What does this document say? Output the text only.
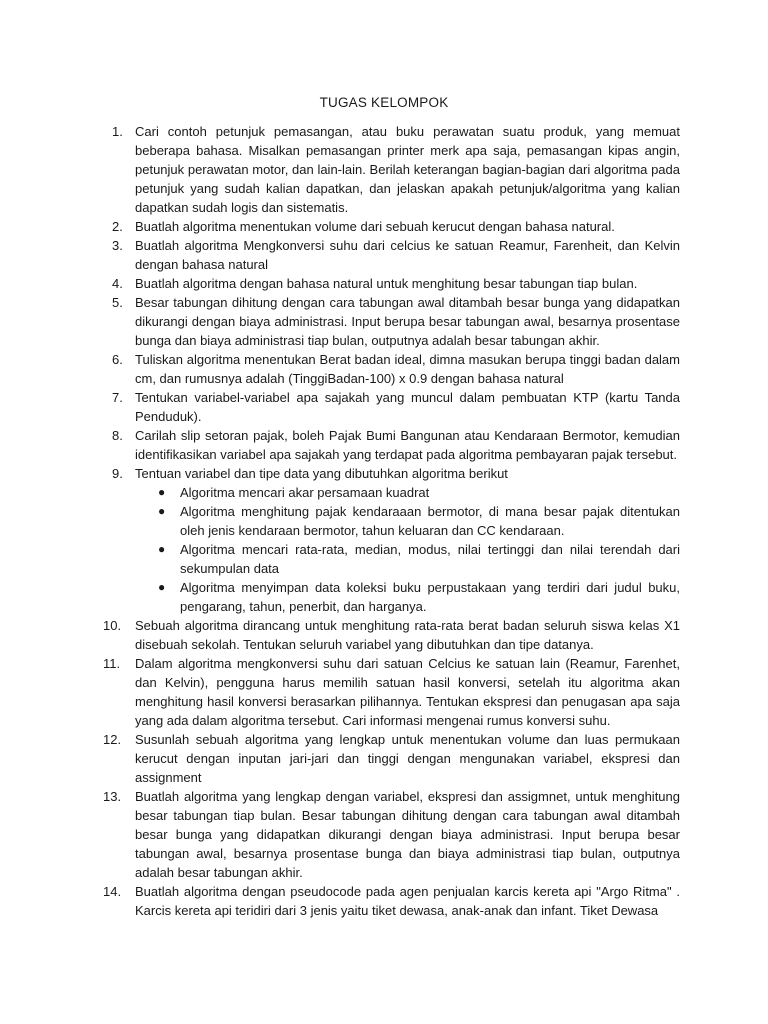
TUGAS KELOMPOK
1. Cari contoh petunjuk pemasangan, atau buku perawatan suatu produk, yang memuat beberapa bahasa. Misalkan pemasangan printer merk apa saja, pemasangan kipas angin, petunjuk perawatan motor, dan lain-lain. Berilah keterangan bagian-bagian dari algoritma pada petunjuk yang sudah kalian dapatkan, dan jelaskan apakah petunjuk/algoritma yang kalian dapatkan sudah logis dan sistematis.
2. Buatlah algoritma menentukan volume dari sebuah kerucut dengan bahasa natural.
3. Buatlah algoritma Mengkonversi suhu dari celcius ke satuan Reamur, Farenheit, dan Kelvin dengan bahasa natural
4. Buatlah algoritma dengan bahasa natural untuk menghitung besar tabungan tiap bulan.
5. Besar tabungan dihitung dengan cara tabungan awal ditambah besar bunga yang didapatkan dikurangi dengan biaya administrasi. Input berupa besar tabungan awal, besarnya prosentase bunga dan biaya administrasi tiap bulan, outputnya adalah besar tabungan akhir.
6. Tuliskan algoritma menentukan Berat badan ideal, dimna masukan berupa tinggi badan dalam cm, dan rumusnya adalah (TinggiBadan-100) x 0.9 dengan bahasa natural
7. Tentukan variabel-variabel apa sajakah yang muncul dalam pembuatan KTP (kartu Tanda Penduduk).
8. Carilah slip setoran pajak, boleh Pajak Bumi Bangunan atau Kendaraan Bermotor, kemudian identifikasikan variabel apa sajakah yang terdapat pada algoritma pembayaran pajak tersebut.
9. Tentuan variabel dan tipe data yang dibutuhkan algoritma berikut
● Algoritma mencari akar persamaan kuadrat
● Algoritma menghitung pajak kendaraaan bermotor, di mana besar pajak ditentukan oleh jenis kendaraan bermotor, tahun keluaran dan CC kendaraan.
● Algoritma mencari rata-rata, median, modus, nilai tertinggi dan nilai terendah dari sekumpulan data
● Algoritma menyimpan data koleksi buku perpustakaan yang terdiri dari judul buku, pengarang, tahun, penerbit, dan harganya.
10. Sebuah algoritma dirancang untuk menghitung rata-rata berat badan seluruh siswa kelas X1 disebuah sekolah. Tentukan seluruh variabel yang dibutuhkan dan tipe datanya.
11. Dalam algoritma mengkonversi suhu dari satuan Celcius ke satuan lain (Reamur, Farenhet, dan Kelvin), pengguna harus memilih satuan hasil konversi, setelah itu algoritma akan menghitung hasil konversi berasarkan pilihannya. Tentukan ekspresi dan penugasan apa saja yang ada dalam algoritma tersebut. Cari informasi mengenai rumus konversi suhu.
12. Susunlah sebuah algoritma yang lengkap untuk menentukan volume dan luas permukaan kerucut dengan inputan jari-jari dan tinggi dengan mengunakan variabel, ekspresi dan assignment
13. Buatlah algoritma yang lengkap dengan variabel, ekspresi dan assigmnet, untuk menghitung besar tabungan tiap bulan. Besar tabungan dihitung dengan cara tabungan awal ditambah besar bunga yang didapatkan dikurangi dengan biaya administrasi. Input berupa besar tabungan awal, besarnya prosentase bunga dan biaya administrasi tiap bulan, outputnya adalah besar tabungan akhir.
14. Buatlah algoritma dengan pseudocode pada agen penjualan karcis kereta api "Argo Ritma" . Karcis kereta api teridiri dari 3 jenis yaitu tiket dewasa, anak-anak dan infant. Tiket Dewasa
